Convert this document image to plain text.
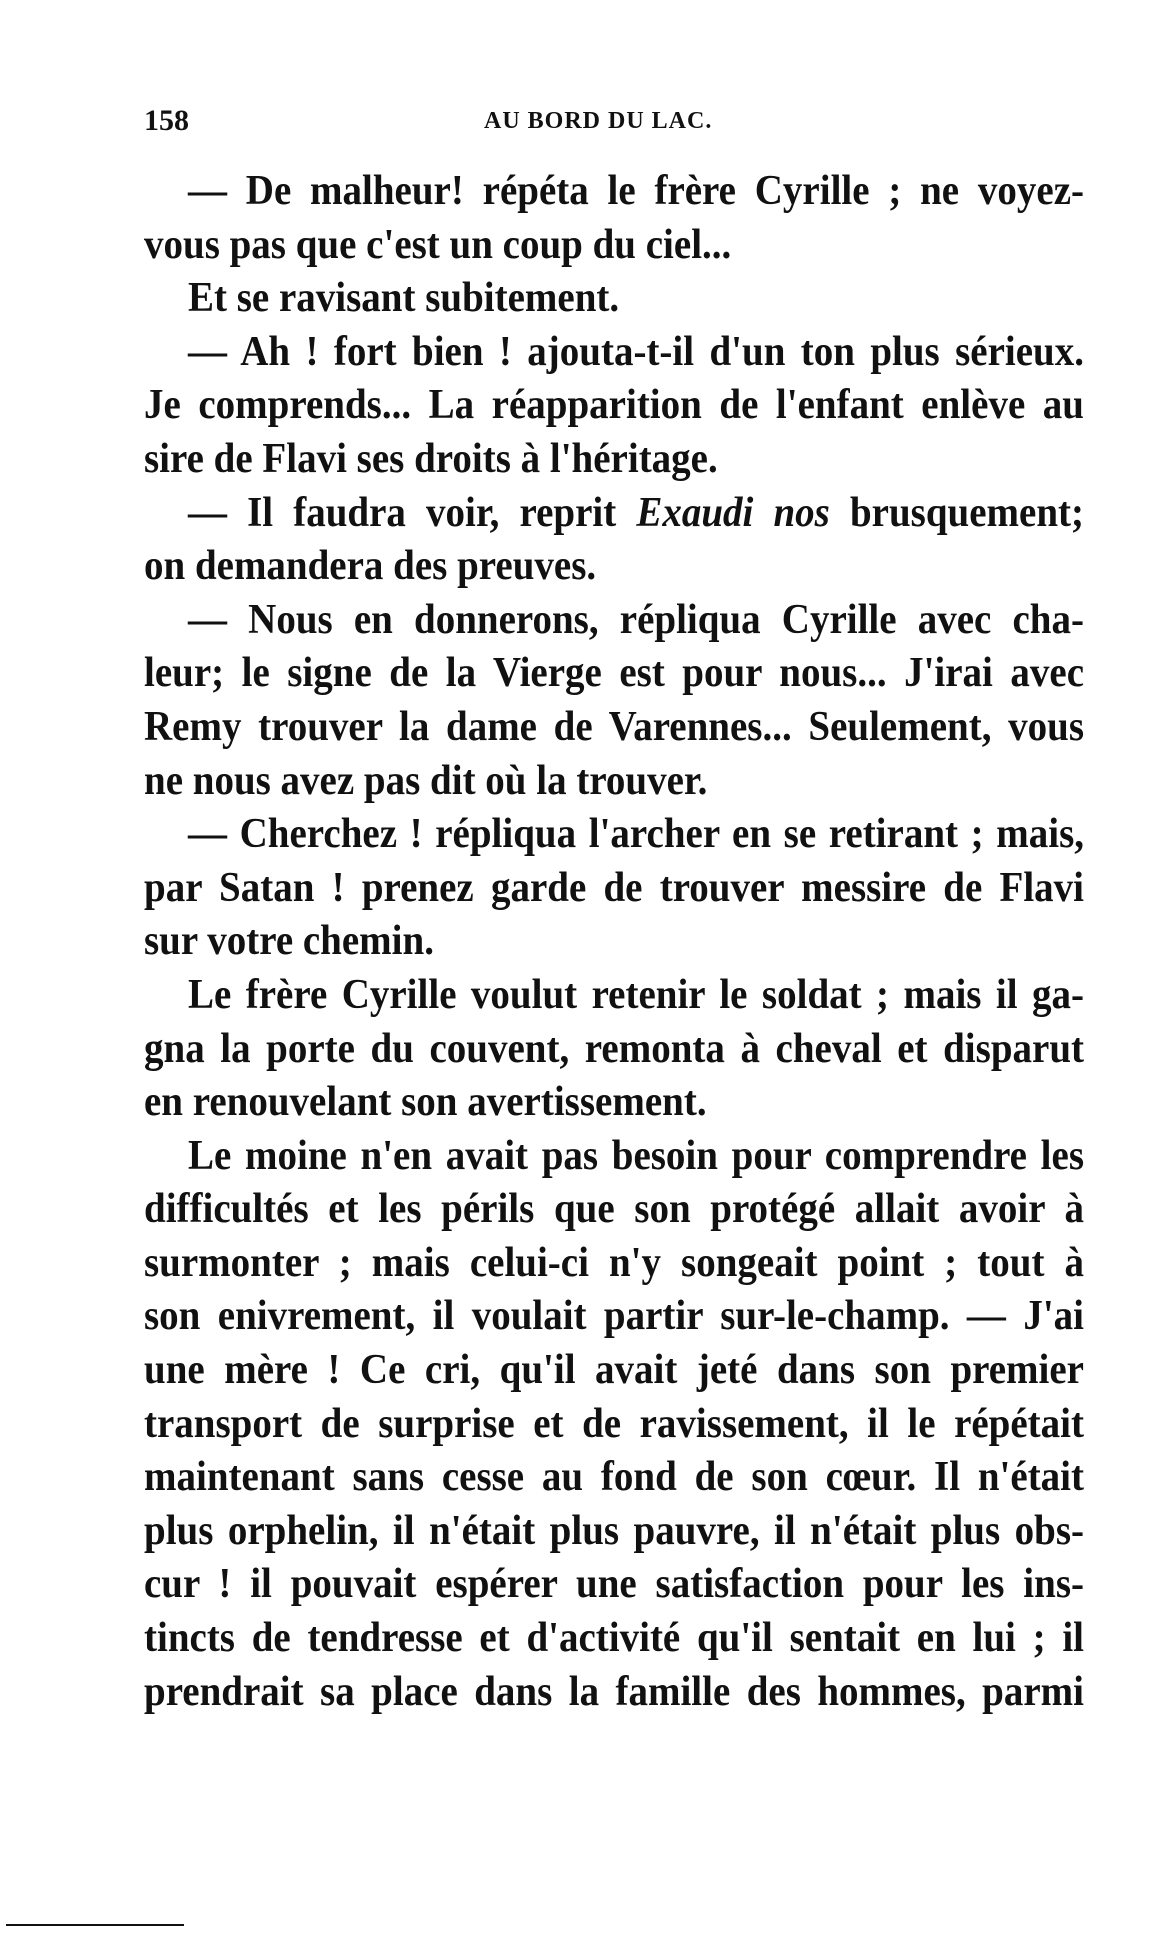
158	AU BORD DU LAC.
— De malheur! répéta le frère Cyrille ; ne voyez-
vous pas que c'est un coup du ciel...
Et se ravisant subitement.
— Ah ! fort bien ! ajouta-t-il d'un ton plus sérieux.
Je comprends... La réapparition de l'enfant enlève au
sire de Flavi ses droits à l'héritage.
— Il faudra voir, reprit Exaudi nos brusquement;
on demandera des preuves.
— Nous en donnerons, répliqua Cyrille avec cha-
leur; le signe de la Vierge est pour nous... J'irai avec
Remy trouver la dame de Varennes... Seulement, vous
ne nous avez pas dit où la trouver.
— Cherchez ! répliqua l'archer en se retirant ; mais,
par Satan ! prenez garde de trouver messire de Flavi
sur votre chemin.
Le frère Cyrille voulut retenir le soldat ; mais il ga-
gna la porte du couvent, remonta à cheval et disparut
en renouvelant son avertissement.
Le moine n'en avait pas besoin pour comprendre les
difficultés et les périls que son protégé allait avoir à
surmonter ; mais celui-ci n'y songeait point ; tout à
son enivrement, il voulait partir sur-le-champ. — J'ai
une mère ! Ce cri, qu'il avait jeté dans son premier
transport de surprise et de ravissement, il le répétait
maintenant sans cesse au fond de son cœur. Il n'était
plus orphelin, il n'était plus pauvre, il n'était plus obs-
cur ! il pouvait espérer une satisfaction pour les ins-
tincts de tendresse et d'activité qu'il sentait en lui ; il
prendrait sa place dans la famille des hommes, parmi
